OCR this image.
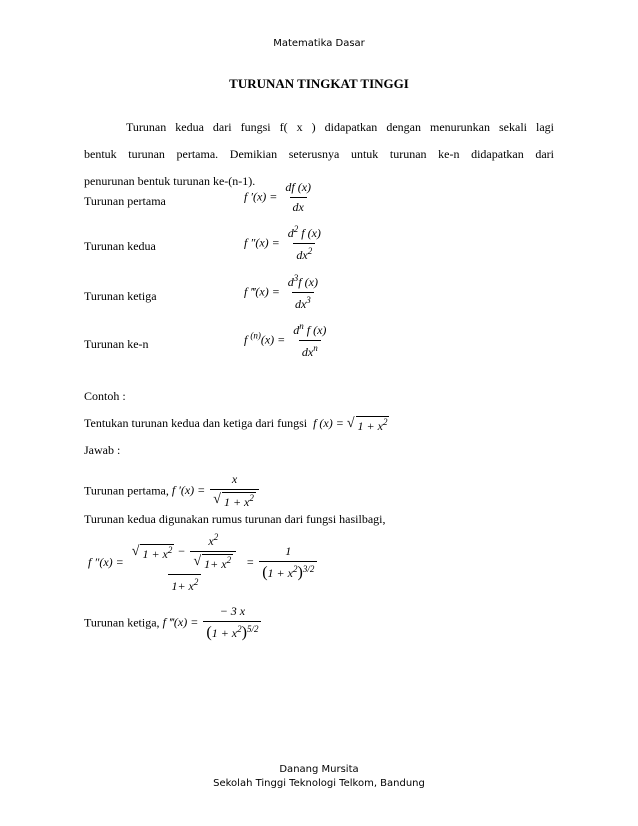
Matematika Dasar
TURUNAN TINGKAT TINGGI
Turunan kedua dari fungsi f( x ) didapatkan dengan menurunkan sekali lagi
bentuk turunan pertama. Demikian seterusnya untuk turunan ke-n didapatkan dari
penurunan bentuk turunan ke-(n-1).
Turunan pertama	f $'(x) = \frac{df (x)}{dx}$
Turunan kedua	f $''(x) = \frac{d^2 f (x)}{dx^2}$
Turunan ketiga	f ‴(x) = $\frac{d^3f (x)}{dx^3}$
Turunan ke-n	f $^{(n)}(x) = \frac{d^n f (x)}{dx^n}$
Contoh :
Tentukan turunan kedua dan ketiga dari fungsi  f (x) = √ $1 + x^2$
Jawab :
Turunan pertama, f $'(x) = \frac{x}{√ 1 + x^2}$
Turunan kedua digunakan rumus turunan dari fungsi hasilbagi,
f $''(x) = \frac{√ 1 + x^2 - \frac{x^2}{√ 1+ x^2}}{1+ x^2} = \frac{1}{(1 + x^2)^{3/2}}$
Turunan ketiga, f ‴(x) = $\frac{- 3 x}{(1 + x^2)^{5/2}}$
Danang Mursita
Sekolah Tinggi Teknologi Telkom, Bandung
